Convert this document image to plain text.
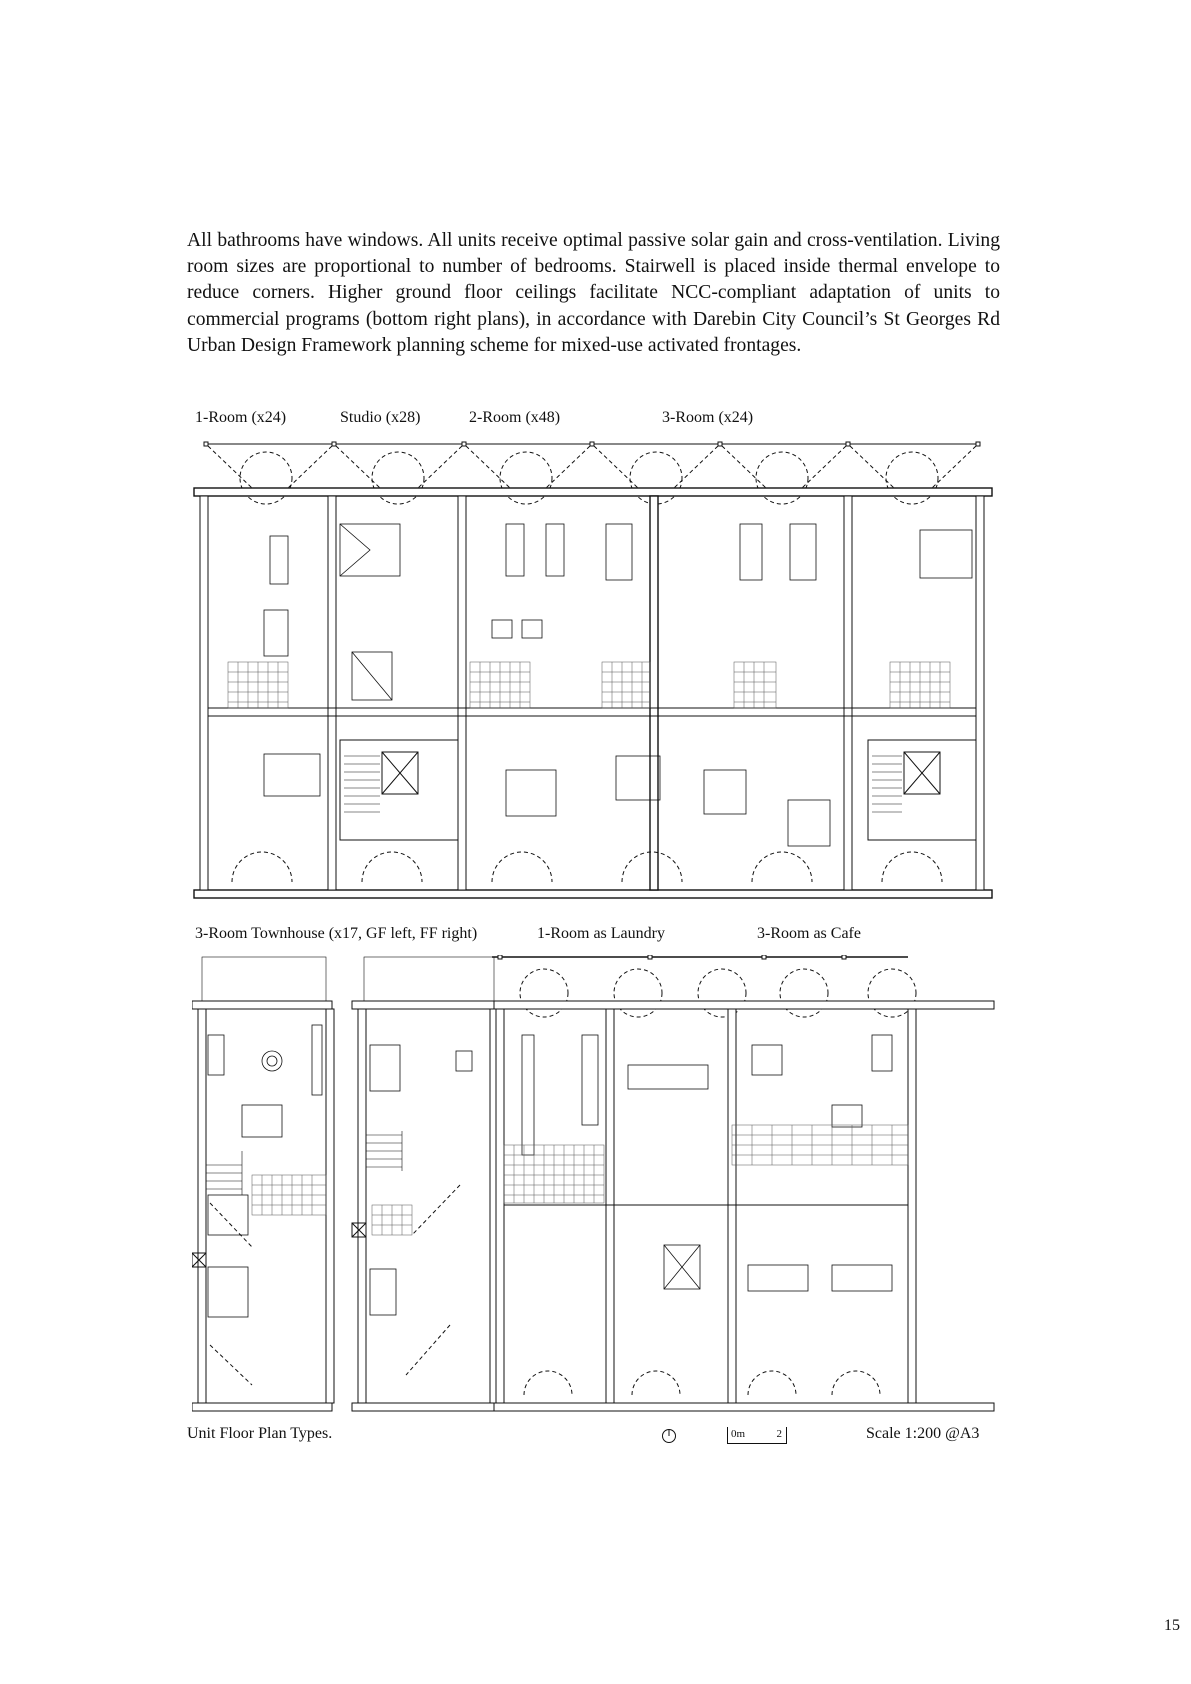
All bathrooms have windows. All units receive optimal passive solar gain and cross-ventilation. Living room sizes are proportional to number of bedrooms. Stairwell is placed inside thermal envelope to reduce corners. Higher ground floor ceilings facilitate NCC-compliant adaptation of units to commercial programs (bottom right plans), in accordance with Darebin City Council’s St Georges Rd Urban Design Framework planning scheme for mixed-use activated frontages.

1-Room (x24)	Studio (x28)	2-Room (x48)	3-Room (x24)
3-Room Townhouse (x17, GF left, FF right)	1-Room as Laundry	3-Room as Cafe
Unit Floor Plan Types.	0m	2	Scale 1:200 @A3
15
